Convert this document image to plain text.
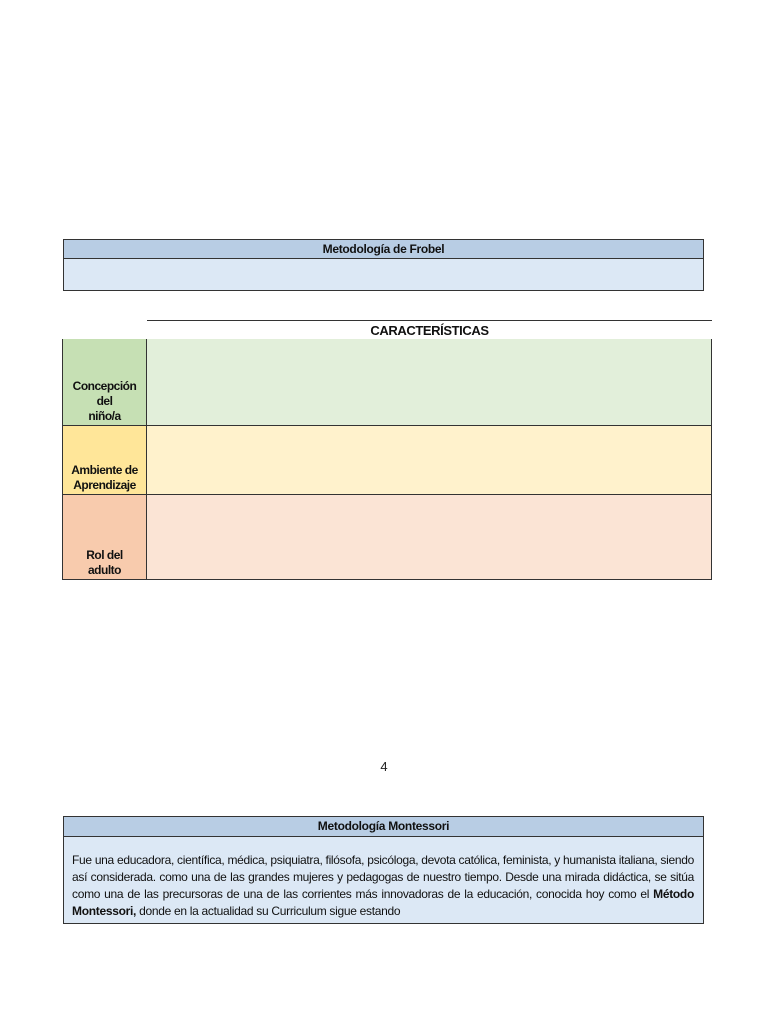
Metodología de Frobel
CARACTERÍSTICAS
Concepción
del
niño/a
Ambiente de
Aprendizaje
Rol del
adulto
4
Metodología Montessori
Fue una educadora, científica, médica, psiquiatra, filósofa, psicóloga, devota católica, feminista, y humanista italiana, siendo así considerada. como una de las grandes mujeres y pedagogas de nuestro tiempo. Desde una mirada didáctica, se sitúa como una de las precursoras de una de las corrientes más innovadoras de la educación, conocida hoy como el Método Montessori, donde en la actualidad su Curriculum sigue estando
